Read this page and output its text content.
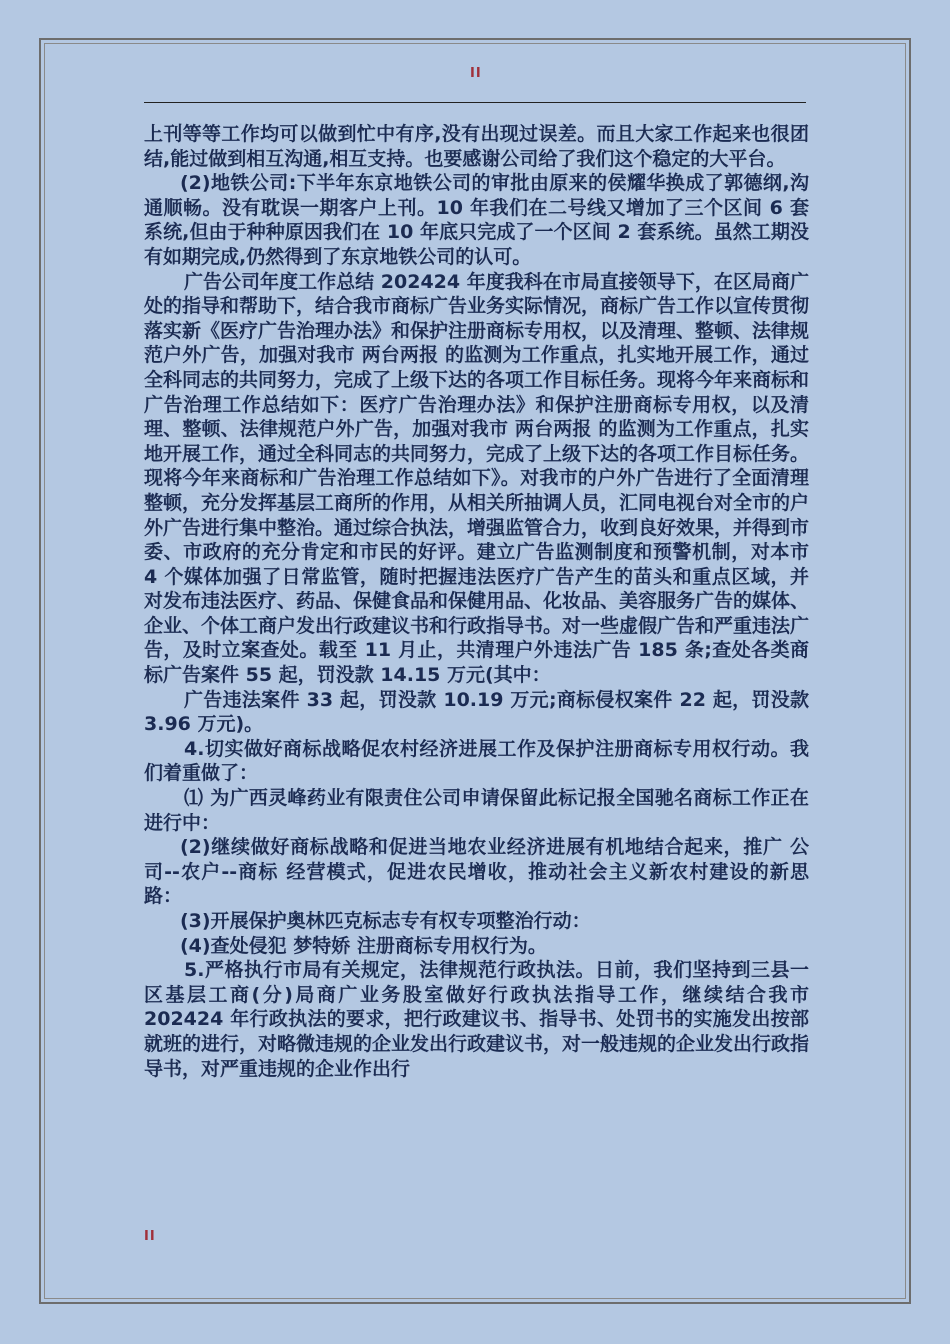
II

上刊等等工作均可以做到忙中有序,没有出现过误差。而且大家工作起来也很团结,能过做到相互沟通,相互支持。也要感谢公司给了我们这个稳定的大平台。

(2)地铁公司:下半年东京地铁公司的审批由原来的侯耀华换成了郭德纲,沟通顺畅。没有耽误一期客户上刊。10 年我们在二号线又增加了三个区间 6 套系统,但由于种种原因我们在 10 年底只完成了一个区间 2 套系统。虽然工期没有如期完成,仍然得到了东京地铁公司的认可。

广告公司年度工作总结 202424 年度我科在市局直接领导下，在区局商广处的指导和帮助下，结合我市商标广告业务实际情况，商标广告工作以宣传贯彻落实新《医疗广告治理办法》和保护注册商标专用权，以及清理、整顿、法律规范户外广告，加强对我市 两台两报 的监测为工作重点，扎实地开展工作，通过全科同志的共同努力，完成了上级下达的各项工作目标任务。现将今年来商标和广告治理工作总结如下：医疗广告治理办法》和保护注册商标专用权，以及清理、整顿、法律规范户外广告，加强对我市 两台两报 的监测为工作重点，扎实地开展工作，通过全科同志的共同努力，完成了上级下达的各项工作目标任务。现将今年来商标和广告治理工作总结如下》。对我市的户外广告进行了全面清理整顿，充分发挥基层工商所的作用，从相关所抽调人员，汇同电视台对全市的户外广告进行集中整治。通过综合执法，增强监管合力，收到良好效果，并得到市委、市政府的充分肯定和市民的好评。建立广告监测制度和预警机制，对本市 4 个媒体加强了日常监管，随时把握违法医疗广告产生的苗头和重点区域，并对发布违法医疗、药品、保健食品和保健用品、化妆品、美容服务广告的媒体、企业、个体工商户发出行政建议书和行政指导书。对一些虚假广告和严重违法广告，及时立案查处。载至 11 月止，共清理户外违法广告 185 条;查处各类商标广告案件 55 起，罚没款 14.15 万元(其中：

广告违法案件 33 起，罚没款 10.19 万元;商标侵权案件 22 起，罚没款 3.96 万元)。

4.切实做好商标战略促农村经济进展工作及保护注册商标专用权行动。我们着重做了：

⑴ 为广西灵峰药业有限责住公司申请保留此标记报全国驰名商标工作正在进行中：

(2)继续做好商标战略和促进当地农业经济进展有机地结合起来，推广 公司--农户--商标 经营模式，促进农民增收，推动社会主义新农村建设的新思路：

(3)开展保护奥林匹克标志专有权专项整治行动：

(4)查处侵犯 梦特娇 注册商标专用权行为。

5.严格执行市局有关规定，法律规范行政执法。日前，我们坚持到三县一区基层工商(分)局商广业务股室做好行政执法指导工作，继续结合我市 202424 年行政执法的要求，把行政建议书、指导书、处罚书的实施发出按部就班的进行，对略微违规的企业发出行政建议书，对一般违规的企业发出行政指导书，对严重违规的企业作出行

II
